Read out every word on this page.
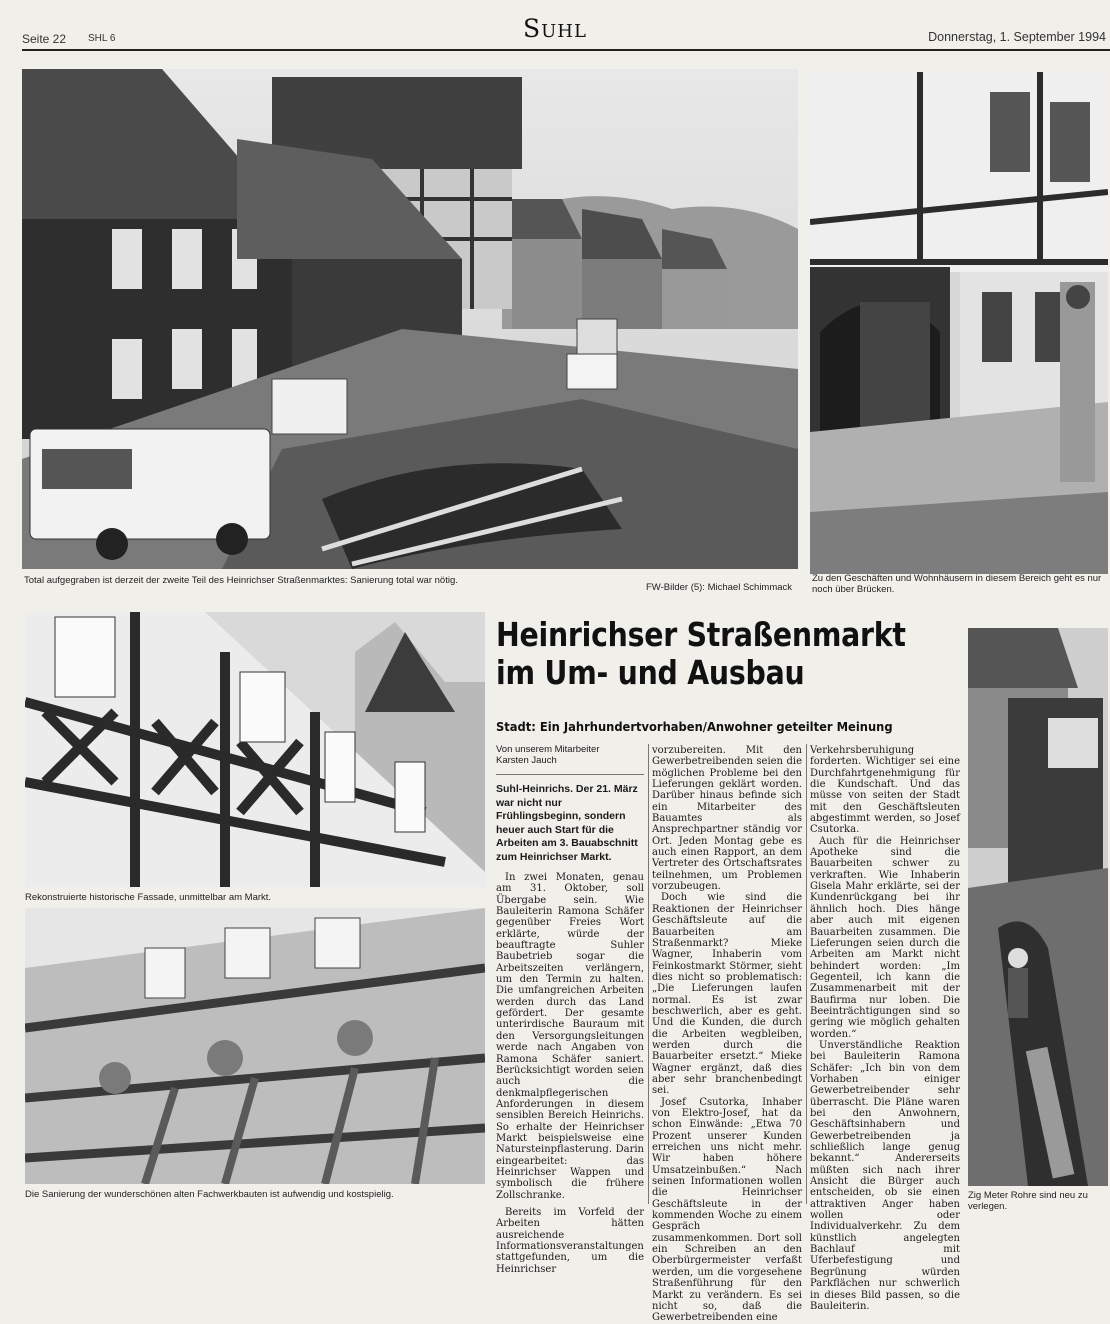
Seite 22 SHL 6	Suhl	Donnerstag, 1. September 1994
Total aufgegraben ist derzeit der zweite Teil des Heinrichser Straßenmarktes: Sanierung total war nötig.
FW-Bilder (5): Michael Schimmack
Zu den Geschäften und Wohnhäusern in diesem Bereich geht es nur noch über Brücken.
Rekonstruierte historische Fassade, unmittelbar am Markt.
Die Sanierung der wunderschönen alten Fachwerkbauten ist aufwendig und kostspielig.	Zig Meter Rohre sind neu zu verlegen.
Heinrichser Straßenmarkt
im Um- und Ausbau
Stadt: Ein Jahrhundertvorhaben/Anwohner geteilter Meinung
Von unserem Mitarbeiter
Karsten Jauch
Suhl-Heinrichs. Der 21. März war nicht nur Frühlingsbeginn, sondern heuer auch Start für die Arbeiten am 3. Bauabschnitt zum Heinrichser Markt.

In zwei Monaten, genau am 31. Oktober, soll Übergabe sein. Wie Bauleiterin Ramona Schäfer gegenüber Freies Wort erklärte, würde der beauftragte Suhler Baubetrieb sogar die Arbeitszeiten verlängern, um den Termin zu halten. Die umfangreichen Arbeiten werden durch das Land gefördert. Der gesamte unterirdische Bauraum mit den Versorgungsleitungen werde nach Angaben von Ramona Schäfer saniert. Berücksichtigt worden seien auch die denkmalpflegerischen Anforderungen in diesem sensiblen Bereich Heinrichs. So erhalte der Heinrichser Markt beispielsweise eine Natursteinpflasterung. Darin eingearbeitet: das Heinrichser Wappen und symbolisch die frühere Zollschranke.

Bereits im Vorfeld der Arbeiten hätten ausreichende Informationsveranstaltungen stattgefunden, um die Heinrichser

vorzubereiten. Mit den Gewerbetreibenden seien die möglichen Probleme bei den Lieferungen geklärt worden. Darüber hinaus befinde sich ein Mitarbeiter des Bauamtes als Ansprechpartner ständig vor Ort. Jeden Montag gebe es auch einen Rapport, an dem Vertreter des Ortschaftsrates teilnehmen, um Problemen vorzubeugen.

Doch wie sind die Reaktionen der Heinrichser Geschäftsleute auf die Bauarbeiten am Straßenmarkt? Mieke Wagner, Inhaberin vom Feinkostmarkt Störmer, sieht dies nicht so problematisch: „Die Lieferungen laufen normal. Es ist zwar beschwerlich, aber es geht. Und die Kunden, die durch die Arbeiten wegbleiben, werden durch die Bauarbeiter ersetzt.“ Mieke Wagner ergänzt, daß dies aber sehr branchenbedingt sei.

Josef Csutorka, Inhaber von Elektro-Josef, hat da schon Einwände: „Etwa 70 Prozent unserer Kunden erreichen uns nicht mehr. Wir haben höhere Umsatzeinbußen.“ Nach seinen Informationen wollen die Heinrichser Geschäftsleute in der kommenden Woche zu einem Gespräch zusammenkommen. Dort soll ein Schreiben an den Oberbürgermeister verfaßt werden, um die vorgesehene Straßenführung für den Markt zu verändern. Es sei nicht so, daß die Gewerbetreibenden eine

Verkehrsberuhigung forderten. Wichtiger sei eine Durchfahrtgenehmigung für die Kundschaft. Und das müsse von seiten der Stadt mit den Geschäftsleuten abgestimmt werden, so Josef Csutorka.

Auch für die Heinrichser Apotheke sind die Bauarbeiten schwer zu verkraften. Wie Inhaberin Gisela Mahr erklärte, sei der Kundenrückgang bei ihr ähnlich hoch. Dies hänge aber auch mit eigenen Bauarbeiten zusammen. Die Lieferungen seien durch die Arbeiten am Markt nicht behindert worden: „Im Gegenteil, ich kann die Zusammenarbeit mit der Baufirma nur loben. Die Beeinträchtigungen sind so gering wie möglich gehalten worden.“

Unverständliche Reaktion bei Bauleiterin Ramona Schäfer: „Ich bin von dem Vorhaben einiger Gewerbetreibender sehr überrascht. Die Pläne waren bei den Anwohnern, Geschäftsinhabern und Gewerbetreibenden ja schließlich lange genug bekannt.“ Andererseits müßten sich nach ihrer Ansicht die Bürger auch entscheiden, ob sie einen attraktiven Anger haben wollen oder Individualverkehr. Zu dem künstlich angelegten Bachlauf mit Uferbefestigung und Begrünung würden Parkflächen nur schwerlich in dieses Bild passen, so die Bauleiterin.
